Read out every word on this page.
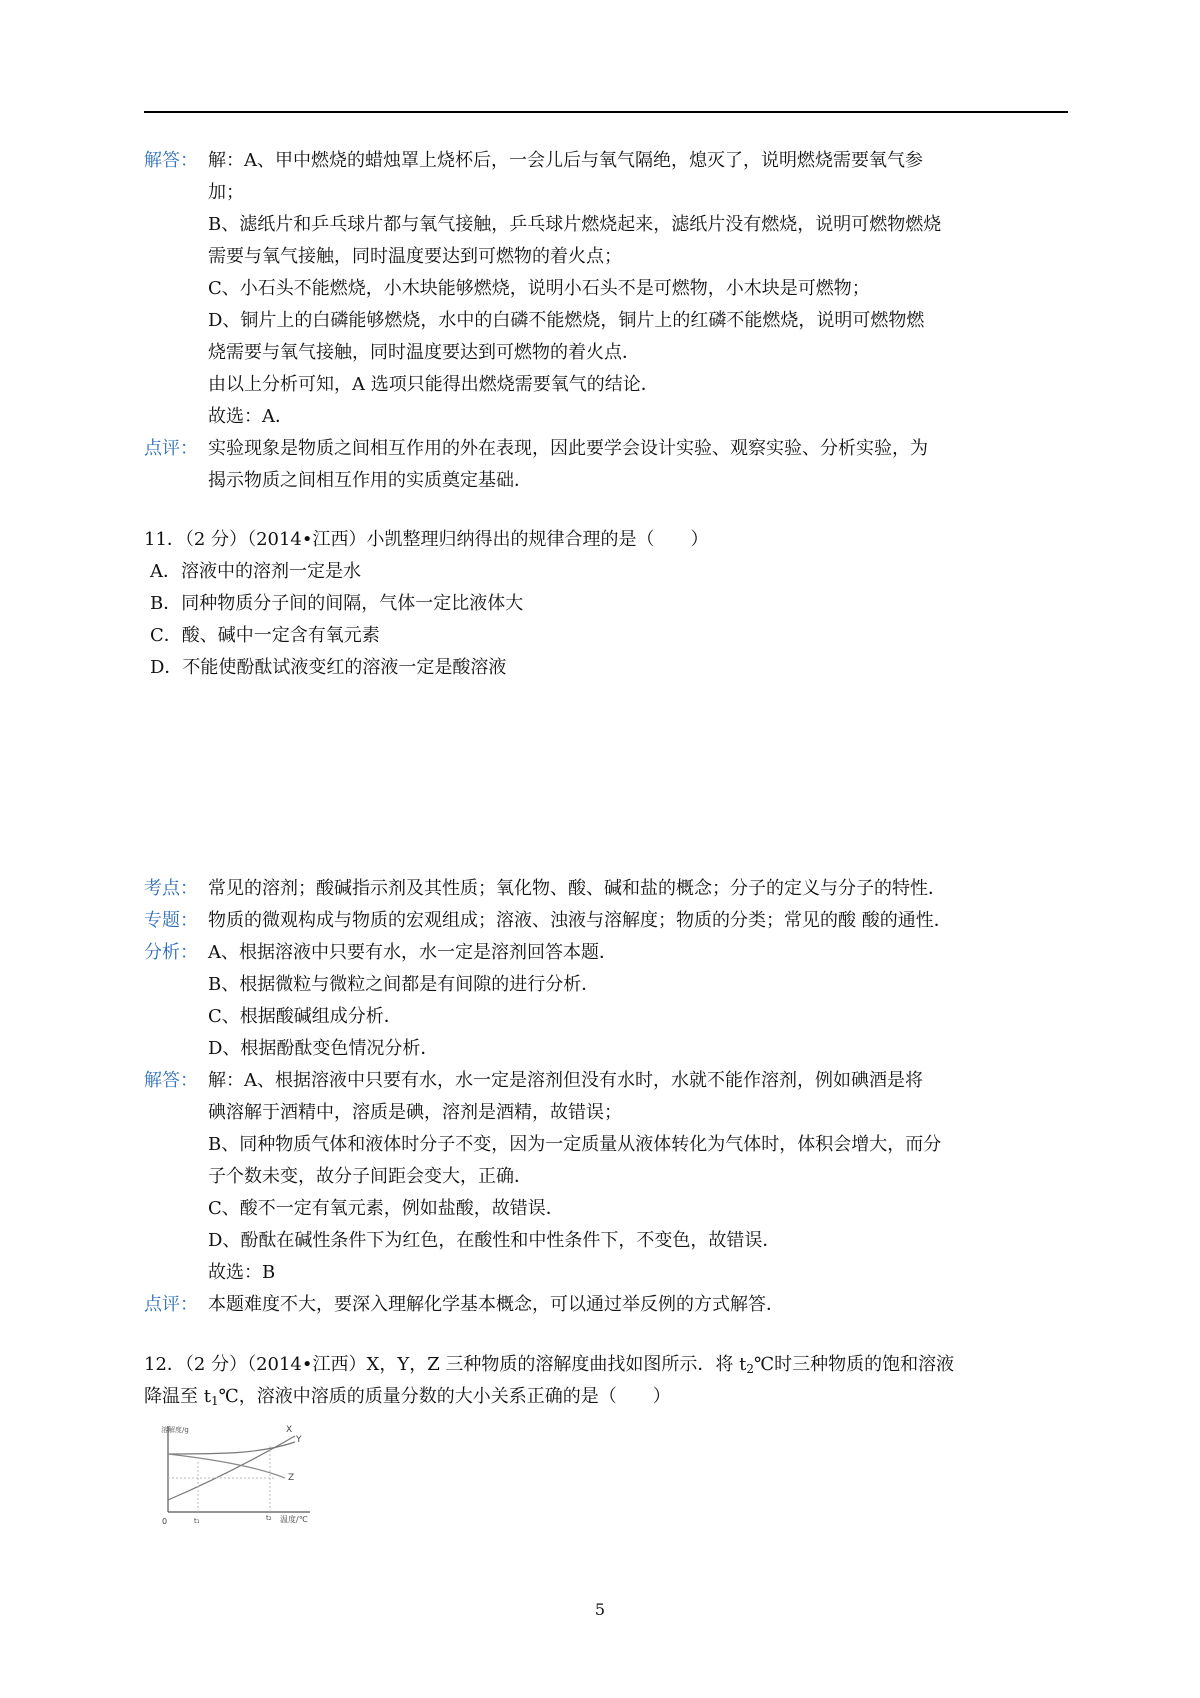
解答： 解：A、甲中燃烧的蜡烛罩上烧杯后，一会儿后与氧气隔绝，熄灭了，说明燃烧需要氧气参
加；
B、滤纸片和乒乓球片都与氧气接触，乒乓球片燃烧起来，滤纸片没有燃烧，说明可燃物燃烧
需要与氧气接触，同时温度要达到可燃物的着火点；
C、小石头不能燃烧，小木块能够燃烧，说明小石头不是可燃物，小木块是可燃物；
D、铜片上的白磷能够燃烧，水中的白磷不能燃烧，铜片上的红磷不能燃烧，说明可燃物燃
烧需要与氧气接触，同时温度要达到可燃物的着火点．
由以上分析可知，A 选项只能得出燃烧需要氧气的结论．
故选：A．
点评： 实验现象是物质之间相互作用的外在表现，因此要学会设计实验、观察实验、分析实验，为
揭示物质之间相互作用的实质奠定基础．
11．（2 分）（2014•江西）小凯整理归纳得出的规律合理的是（　　）
A．溶液中的溶剂一定是水
B．同种物质分子间的间隔，气体一定比液体大
C．酸、碱中一定含有氧元素
D．不能使酚酞试液变红的溶液一定是酸溶液
考点： 常见的溶剂；酸碱指示剂及其性质；氧化物、酸、碱和盐的概念；分子的定义与分子的特性．
专题： 物质的微观构成与物质的宏观组成；溶液、浊液与溶解度；物质的分类；常见的酸 酸的通性．
分析： A、根据溶液中只要有水，水一定是溶剂回答本题．
B、根据微粒与微粒之间都是有间隙的进行分析．
C、根据酸碱组成分析．
D、根据酚酞变色情况分析．
解答： 解：A、根据溶液中只要有水，水一定是溶剂但没有水时，水就不能作溶剂，例如碘酒是将
碘溶解于酒精中，溶质是碘，溶剂是酒精，故错误；
B、同种物质气体和液体时分子不变，因为一定质量从液体转化为气体时，体积会增大，而分
子个数未变，故分子间距会变大，正确．
C、酸不一定有氧元素，例如盐酸，故错误．
D、酚酞在碱性条件下为红色，在酸性和中性条件下，不变色，故错误．
故选：B
点评： 本题难度不大，要深入理解化学基本概念，可以通过举反例的方式解答．
12．（2 分）（2014•江西）X，Y，Z 三种物质的溶解度曲找如图所示．将 $t_2℃$时三种物质的饱和溶液
降温至 $t_1℃$，溶液中溶质的质量分数的大小关系正确的是（　　）
溶解度/g	X
Y
Z
0	t₁	t₂ 温度/℃
5
